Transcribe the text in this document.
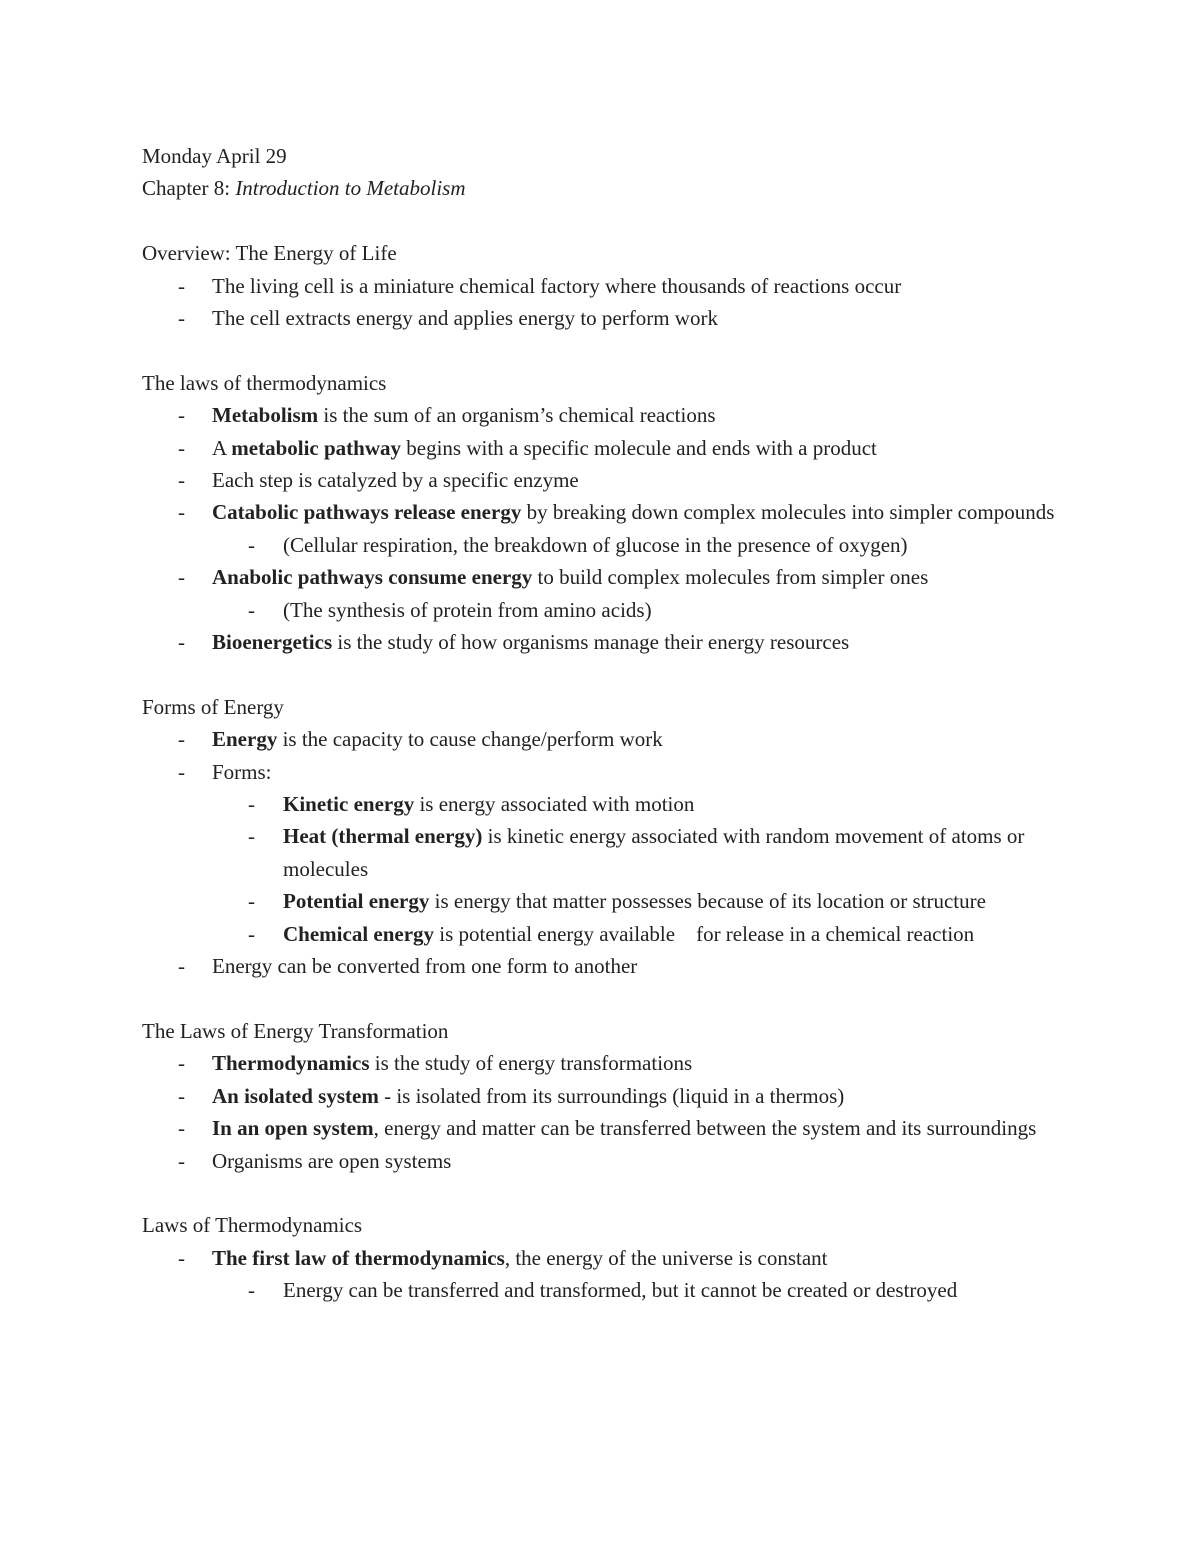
Monday April 29
Chapter 8: Introduction to Metabolism
Overview: The Energy of Life
- The living cell is a miniature chemical factory where thousands of reactions occur
- The cell extracts energy and applies energy to perform work
The laws of thermodynamics
- Metabolism is the sum of an organism’s chemical reactions
- A metabolic pathway begins with a specific molecule and ends with a product
- Each step is catalyzed by a specific enzyme
- Catabolic pathways release energy by breaking down complex molecules into simpler compounds
- (Cellular respiration, the breakdown of glucose in the presence of oxygen)
- Anabolic pathways consume energy to build complex molecules from simpler ones
- (The synthesis of protein from amino acids)
- Bioenergetics is the study of how organisms manage their energy resources
Forms of Energy
- Energy is the capacity to cause change/perform work
- Forms:
- Kinetic energy is energy associated with motion
- Heat (thermal energy) is kinetic energy associated with random movement of atoms or molecules
- Potential energy is energy that matter possesses because of its location or structure
- Chemical energy is potential energy available    for release in a chemical reaction
- Energy can be converted from one form to another
The Laws of Energy Transformation
- Thermodynamics is the study of energy transformations
- An isolated system - is isolated from its surroundings (liquid in a thermos)
- In an open system, energy and matter can be transferred between the system and its surroundings
- Organisms are open systems
Laws of Thermodynamics
- The first law of thermodynamics, the energy of the universe is constant
- Energy can be transferred and transformed, but it cannot be created or destroyed
